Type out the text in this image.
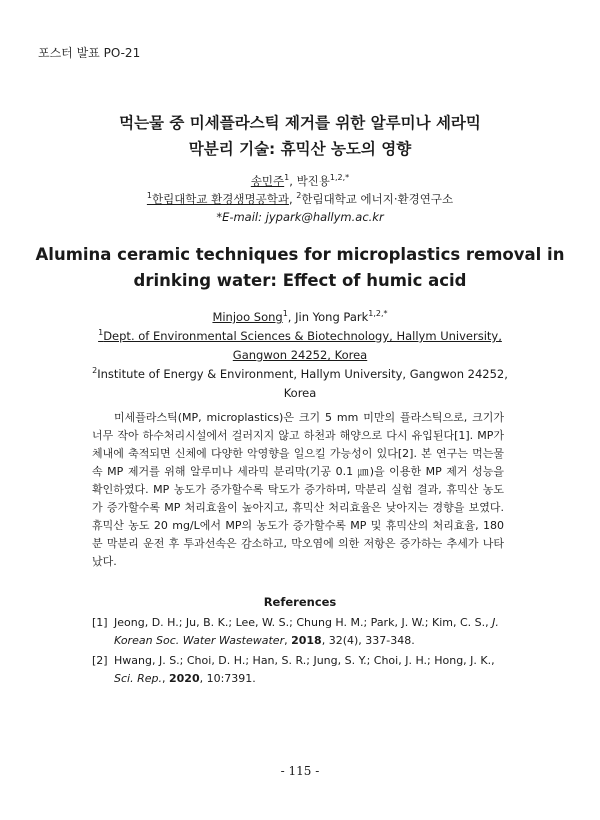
포스터 발표 PO-21
먹는물 중 미세플라스틱 제거를 위한 알루미나 세라믹
막분리 기술: 휴믹산 농도의 영향
송민주$^1$, 박진용$^{1,2,*}$
$^1$한림대학교 환경생명공학과, $^2$한림대학교 에너지·환경연구소
*E-mail: jypark@hallym.ac.kr
Alumina ceramic techniques for microplastics removal in
drinking water: Effect of humic acid
Minjoo Song$^1$, Jin Yong Park$^{1,2,*}$
$^1$Dept. of Environmental Sciences & Biotechnology, Hallym University,
Gangwon 24252, Korea
$^2$Institute of Energy & Environment, Hallym University, Gangwon 24252,
Korea
미세플라스틱(MP, microplastics)은 크기 5 mm 미만의 플라스틱으로, 크기가 너무 작아 하수처리시설에서 걸러지지 않고 하천과 해양으로 다시 유입된다[1]. MP가 체내에 축적되면 신체에 다양한 악영향을 일으킬 가능성이 있다[2]. 본 연구는 먹는물 속 MP 제거를 위해 알루미나 세라믹 분리막(기공 0.1 ㎛)을 이용한 MP 제거 성능을 확인하였다. MP 농도가 증가할수록 탁도가 증가하며, 막분리 실험 결과, 휴믹산 농도가 증가할수록 MP 처리효율이 높아지고, 휴믹산 처리효율은 낮아지는 경향을 보였다. 휴믹산 농도 20 mg/L에서 MP의 농도가 증가할수록 MP 및 휴믹산의 처리효율, 180분 막분리 운전 후 투과선속은 감소하고, 막오염에 의한 저항은 증가하는 추세가 나타났다.
References
[1] Jeong, D. H.; Ju, B. K.; Lee, W. S.; Chung H. M.; Park, J. W.; Kim, C. S., J. Korean Soc. Water Wastewater, 2018, 32(4), 337-348.
[2] Hwang, J. S.; Choi, D. H.; Han, S. R.; Jung, S. Y.; Choi, J. H.; Hong, J. K., Sci. Rep., 2020, 10:7391.
- 115 -
